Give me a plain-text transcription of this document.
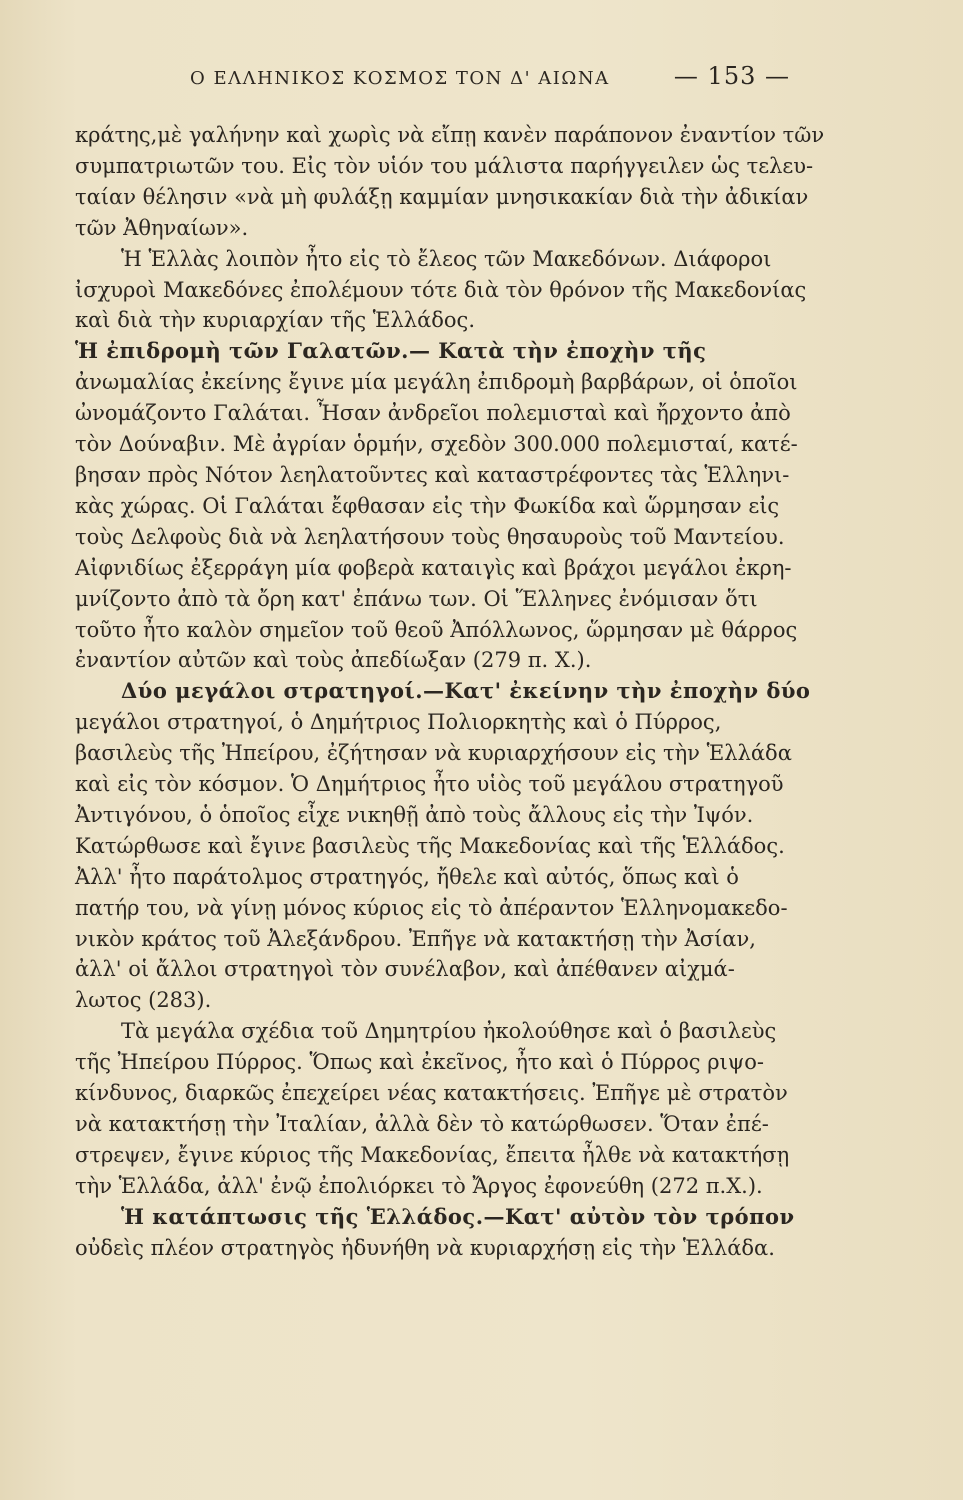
Ο ΕΛΛΗΝΙΚΟΣ ΚΟΣΜΟΣ ΤΟΝ Δ' ΑΙΩΝΑ	— 153 —
κράτης,μὲ γαλήνην καὶ χωρὶς νὰ εἴπῃ κανὲν παράπονον ἐναντίον τῶν
συμπατριωτῶν του. Εἰς τὸν υἱόν του μάλιστα παρήγγειλεν ὡς τελευ-
ταίαν θέλησιν «νὰ μὴ φυλάξῃ καμμίαν μνησικακίαν διὰ τὴν ἀδικίαν
τῶν Ἀθηναίων».
Ἡ Ἑλλὰς λοιπὸν ἦτο εἰς τὸ ἔλεος τῶν Μακεδόνων. Διάφοροι
ἰσχυροὶ Μακεδόνες ἐπολέμουν τότε διὰ τὸν θρόνον τῆς Μακεδονίας
καὶ διὰ τὴν κυριαρχίαν τῆς Ἑλλάδος.
Ἡ ἐπιδρομὴ τῶν Γαλατῶν.— Κατὰ τὴν ἐποχὴν τῆς
ἀνωμαλίας ἐκείνης ἔγινε μία μεγάλη ἐπιδρομὴ βαρβάρων, οἱ ὁποῖοι
ὠνομάζοντο Γαλάται. Ἦσαν ἀνδρεῖοι πολεμισταὶ καὶ ἤρχοντο ἀπὸ
τὸν Δούναβιν. Μὲ ἀγρίαν ὁρμήν, σχεδὸν 300.000 πολεμισταί, κατέ-
βησαν πρὸς Νότον λεηλατοῦντες καὶ καταστρέφοντες τὰς Ἑλληνι-
κὰς χώρας. Οἱ Γαλάται ἔφθασαν εἰς τὴν Φωκίδα καὶ ὥρμησαν εἰς
τοὺς Δελφοὺς διὰ νὰ λεηλατήσουν τοὺς θησαυροὺς τοῦ Μαντείου.
Αἰφνιδίως ἐξερράγη μία φοβερὰ καταιγὶς καὶ βράχοι μεγάλοι ἐκρη-
μνίζοντο ἀπὸ τὰ ὄρη κατ' ἐπάνω των. Οἱ Ἕλληνες ἐνόμισαν ὅτι
τοῦτο ἦτο καλὸν σημεῖον τοῦ θεοῦ Ἀπόλλωνος, ὥρμησαν μὲ θάρρος
ἐναντίον αὐτῶν καὶ τοὺς ἀπεδίωξαν (279 π. Χ.).
Δύο μεγάλοι στρατηγοί.—Κατ' ἐκείνην τὴν ἐποχὴν δύο
μεγάλοι στρατηγοί, ὁ Δημήτριος Πολιορκητὴς καὶ ὁ Πύρρος,
βασιλεὺς τῆς Ἠπείρου, ἐζήτησαν νὰ κυριαρχήσουν εἰς τὴν Ἑλλάδα
καὶ εἰς τὸν κόσμον. Ὁ Δημήτριος ἦτο υἱὸς τοῦ μεγάλου στρατηγοῦ
Ἀντιγόνου, ὁ ὁποῖος εἶχε νικηθῇ ἀπὸ τοὺς ἄλλους εἰς τὴν Ἰψόν.
Κατώρθωσε καὶ ἔγινε βασιλεὺς τῆς Μακεδονίας καὶ τῆς Ἑλλάδος.
Ἀλλ' ἦτο παράτολμος στρατηγός, ἤθελε καὶ αὐτός, ὅπως καὶ ὁ
πατήρ του, νὰ γίνῃ μόνος κύριος εἰς τὸ ἀπέραντον Ἑλληνομακεδο-
νικὸν κράτος τοῦ Ἀλεξάνδρου. Ἐπῆγε νὰ κατακτήσῃ τὴν Ἀσίαν,
ἀλλ' οἱ ἄλλοι στρατηγοὶ τὸν συνέλαβον, καὶ ἀπέθανεν αἰχμά-
λωτος (283).
Τὰ μεγάλα σχέδια τοῦ Δημητρίου ἠκολούθησε καὶ ὁ βασιλεὺς
τῆς Ἠπείρου Πύρρος. Ὅπως καὶ ἐκεῖνος, ἦτο καὶ ὁ Πύρρος ριψο-
κίνδυνος, διαρκῶς ἐπεχείρει νέας κατακτήσεις. Ἐπῆγε μὲ στρατὸν
νὰ κατακτήσῃ τὴν Ἰταλίαν, ἀλλὰ δὲν τὸ κατώρθωσεν. Ὅταν ἐπέ-
στρεψεν, ἔγινε κύριος τῆς Μακεδονίας, ἔπειτα ἦλθε νὰ κατακτήσῃ
τὴν Ἑλλάδα, ἀλλ' ἐνῷ ἐπολιόρκει τὸ Ἄργος ἐφονεύθη (272 π.Χ.).
Ἡ κατάπτωσις τῆς Ἑλλάδος.—Κατ' αὐτὸν τὸν τρόπον
οὐδεὶς πλέον στρατηγὸς ἠδυνήθη νὰ κυριαρχήσῃ εἰς τὴν Ἑλλάδα.
